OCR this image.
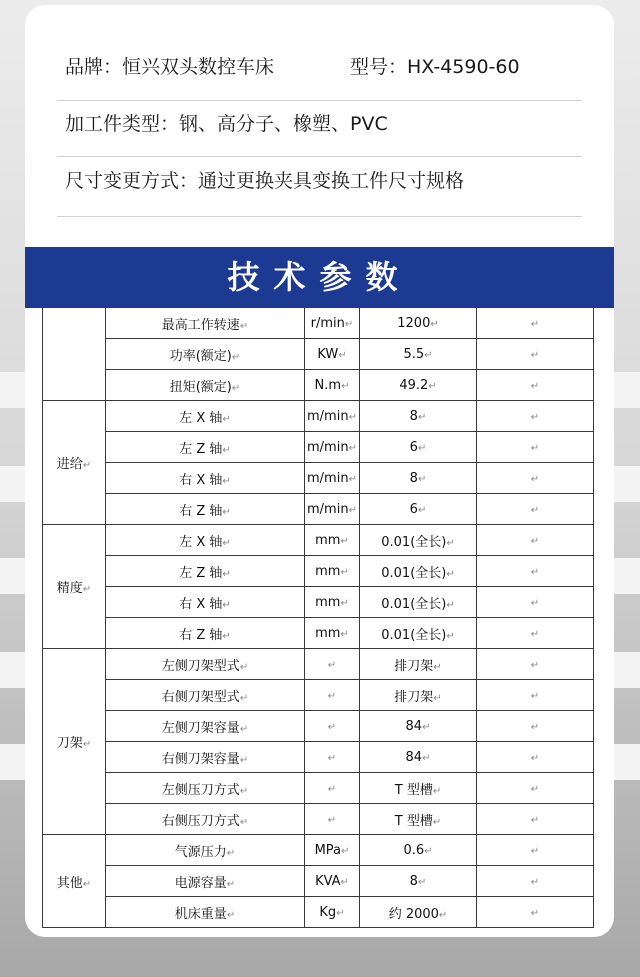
品牌：恒兴双头数控车床	型号：HX-4590-60
加工件类型：钢、高分子、橡塑、PVC
尺寸变更方式：通过更换夹具变换工件尺寸规格
技术参数
	最高工作转速↵	r/min↵	1200↵	↵
	功率(额定)↵	KW↵	5.5↵	↵
	扭矩(额定)↵	N.m↵	49.2↵	↵
进给↵	左 X 轴↵	m/min↵	8↵	↵
	左 Z 轴↵	m/min↵	6↵	↵
	右 X 轴↵	m/min↵	8↵	↵
	右 Z 轴↵	m/min↵	6↵	↵
精度↵	左 X 轴↵	mm↵	0.01(全长)↵	↵
	左 Z 轴↵	mm↵	0.01(全长)↵	↵
	右 X 轴↵	mm↵	0.01(全长)↵	↵
	右 Z 轴↵	mm↵	0.01(全长)↵	↵
刀架↵	左侧刀架型式↵	↵	排刀架↵	↵
	右侧刀架型式↵	↵	排刀架↵	↵
	左侧刀架容量↵	↵	84↵	↵
	右侧刀架容量↵	↵	84↵	↵
	左侧压刀方式↵	↵	T 型槽↵	↵
	右侧压刀方式↵	↵	T 型槽↵	↵
其他↵	气源压力↵	MPa↵	0.6↵	↵
	电源容量↵	KVA↵	8↵	↵
	机床重量↵	Kg↵	约 2000↵	↵
